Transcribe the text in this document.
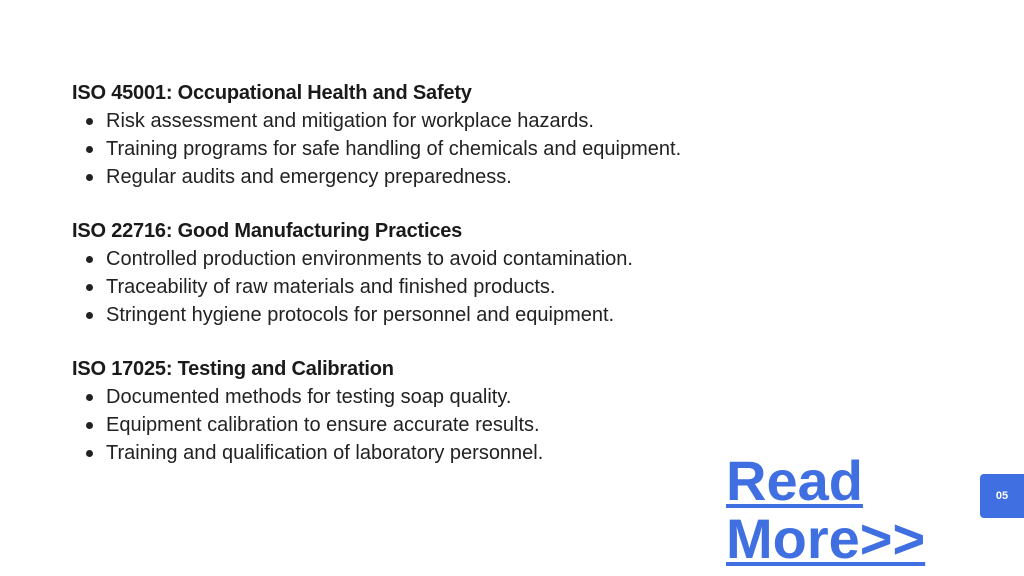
ISO 45001: Occupational Health and Safety
Risk assessment and mitigation for workplace hazards.
Training programs for safe handling of chemicals and equipment.
Regular audits and emergency preparedness.
ISO 22716: Good Manufacturing Practices
Controlled production environments to avoid contamination.
Traceability of raw materials and finished products.
Stringent hygiene protocols for personnel and equipment.
ISO 17025: Testing and Calibration
Documented methods for testing soap quality.
Equipment calibration to ensure accurate results.
Training and qualification of laboratory personnel.	Read
More>>
05
